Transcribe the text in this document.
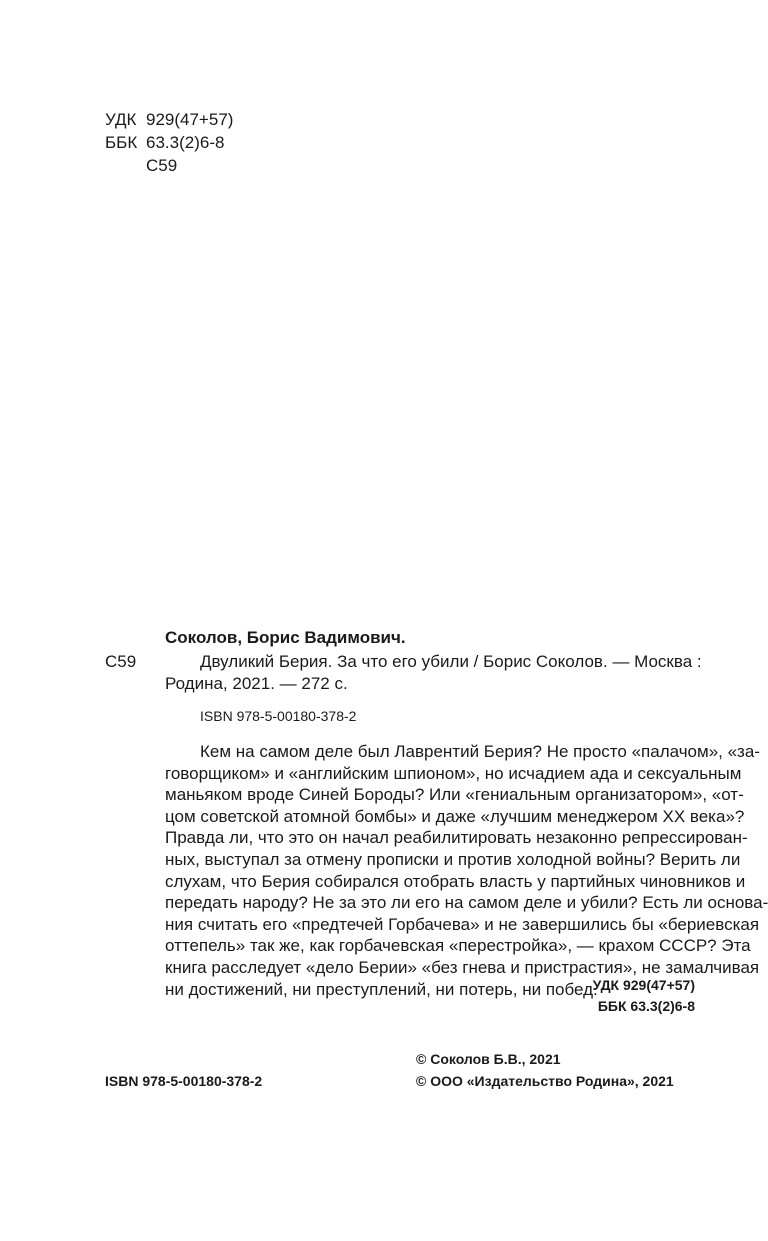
УДК 929(47+57)
ББК 63.3(2)6-8
С59
Соколов, Борис Вадимович.
С59	Двуликий Берия. За что его убили / Борис Соколов. — Москва :
Родина, 2021. — 272 с.
ISBN 978-5-00180-378-2
Кем на самом деле был Лаврентий Берия? Не просто «палачом», «за-
говорщиком» и «английским шпионом», но исчадием ада и сексуальным
маньяком вроде Синей Бороды? Или «гениальным организатором», «от-
цом советской атомной бомбы» и даже «лучшим менеджером XX века»?
Правда ли, что это он начал реабилитировать незаконно репрессирован-
ных, выступал за отмену прописки и против холодной войны? Верить ли
слухам, что Берия собирался отобрать власть у партийных чиновников и
передать народу? Не за это ли его на самом деле и убили? Есть ли основа-
ния считать его «предтечей Горбачева» и не завершились бы «бериевская
оттепель» так же, как горбачевская «перестройка», — крахом СССР? Эта
книга расследует «дело Берии» «без гнева и пристрастия», не замалчивая
ни достижений, ни преступлений, ни потерь, ни побед.
УДК 929(47+57)
ББК 63.3(2)6-8
ISBN 978-5-00180-378-2
© Соколов Б.В., 2021
© ООО «Издательство Родина», 2021
